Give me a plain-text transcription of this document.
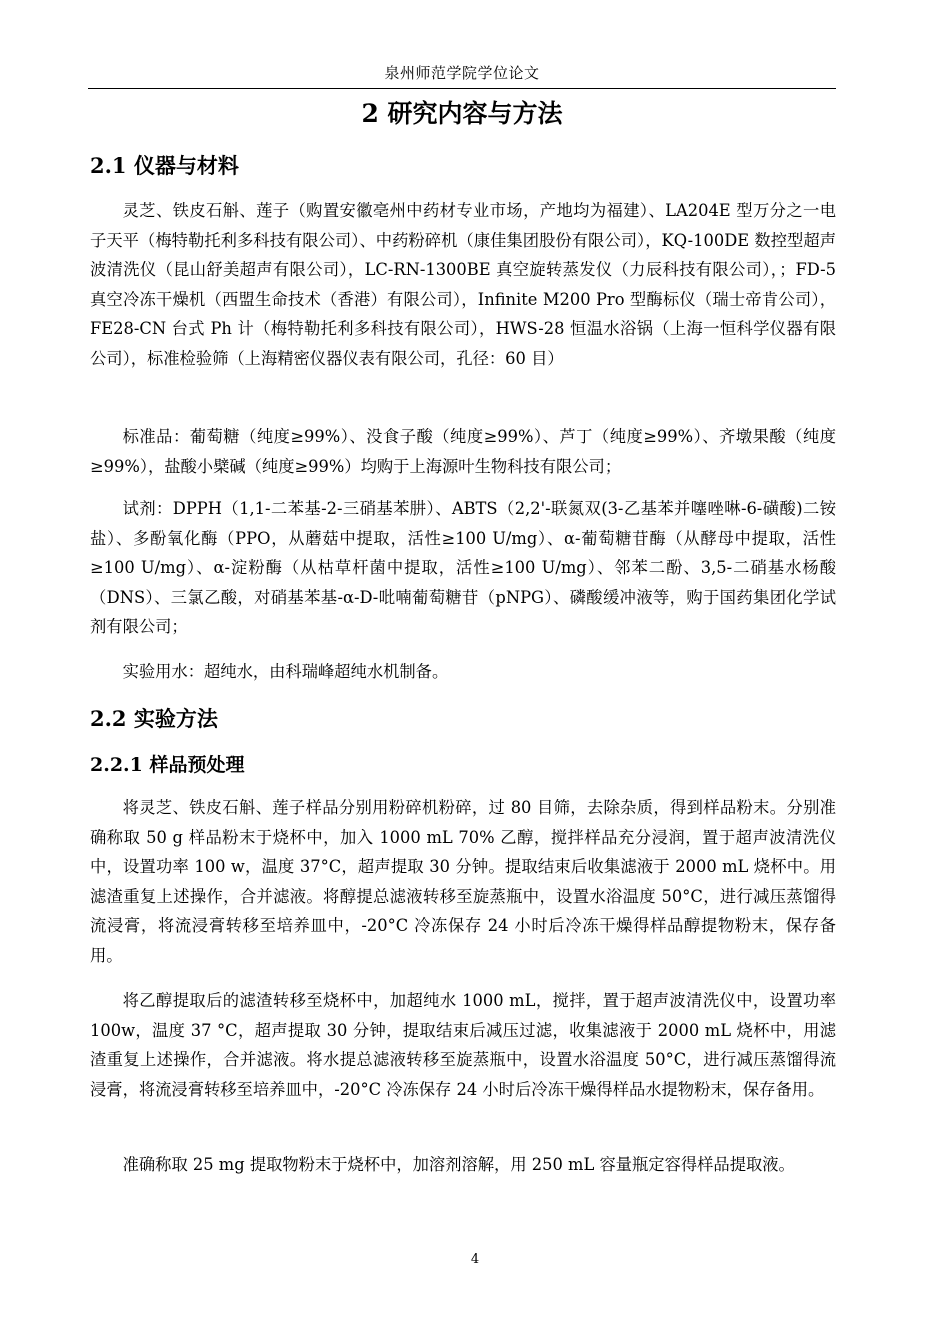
泉州师范学院学位论文
2 研究内容与方法
2.1 仪器与材料

灵芝、铁皮石斛、莲子（购置安徽亳州中药材专业市场，产地均为福建）、LA204E 型万分之一电子天平（梅特勒托利多科技有限公司）、中药粉碎机（康佳集团股份有限公司），KQ-100DE 数控型超声波清洗仪（昆山舒美超声有限公司），LC-RN-1300BE 真空旋转蒸发仪（力辰科技有限公司），；FD-5 真空冷冻干燥机（西盟生命技术（香港）有限公司），Infinite M200 Pro 型酶标仪（瑞士帝肯公司），FE28-CN 台式 Ph 计（梅特勒托利多科技有限公司），HWS-28 恒温水浴锅（上海一恒科学仪器有限公司），标准检验筛（上海精密仪器仪表有限公司，孔径：60 目）

标准品：葡萄糖（纯度≥99%）、没食子酸（纯度≥99%）、芦丁（纯度≥99%）、齐墩果酸（纯度≥99%），盐酸小檗碱（纯度≥99%）均购于上海源叶生物科技有限公司；

试剂：DPPH（1,1-二苯基-2-三硝基苯肼）、ABTS（2,2'-联氮双(3-乙基苯并噻唑啉-6-磺酸)二铵盐）、多酚氧化酶（PPO，从蘑菇中提取，活性≥100 U/mg）、α-葡萄糖苷酶（从酵母中提取，活性≥100 U/mg）、α-淀粉酶（从枯草杆菌中提取，活性≥100 U/mg）、邻苯二酚、3,5-二硝基水杨酸（DNS）、三氯乙酸，对硝基苯基-α-D-吡喃葡萄糖苷（pNPG）、磷酸缓冲液等，购于国药集团化学试剂有限公司；

实验用水：超纯水，由科瑞峰超纯水机制备。

2.2 实验方法
2.2.1 样品预处理

将灵芝、铁皮石斛、莲子样品分别用粉碎机粉碎，过 80 目筛，去除杂质，得到样品粉末。分别准确称取 50 g 样品粉末于烧杯中，加入 1000 mL 70% 乙醇，搅拌样品充分浸润，置于超声波清洗仪中，设置功率 100 w，温度 37°C，超声提取 30 分钟。提取结束后收集滤液于 2000 mL 烧杯中。用滤渣重复上述操作，合并滤液。将醇提总滤液转移至旋蒸瓶中，设置水浴温度 50°C，进行减压蒸馏得流浸膏，将流浸膏转移至培养皿中，-20°C 冷冻保存 24 小时后冷冻干燥得样品醇提物粉末，保存备用。

将乙醇提取后的滤渣转移至烧杯中，加超纯水 1000 mL，搅拌，置于超声波清洗仪中，设置功率 100w，温度 37 °C，超声提取 30 分钟，提取结束后减压过滤，收集滤液于 2000 mL 烧杯中，用滤渣重复上述操作，合并滤液。将水提总滤液转移至旋蒸瓶中，设置水浴温度 50°C，进行减压蒸馏得流浸膏，将流浸膏转移至培养皿中，-20°C 冷冻保存 24 小时后冷冻干燥得样品水提物粉末，保存备用。

准确称取 25 mg 提取物粉末于烧杯中，加溶剂溶解，用 250 mL 容量瓶定容得样品提取液。

4
